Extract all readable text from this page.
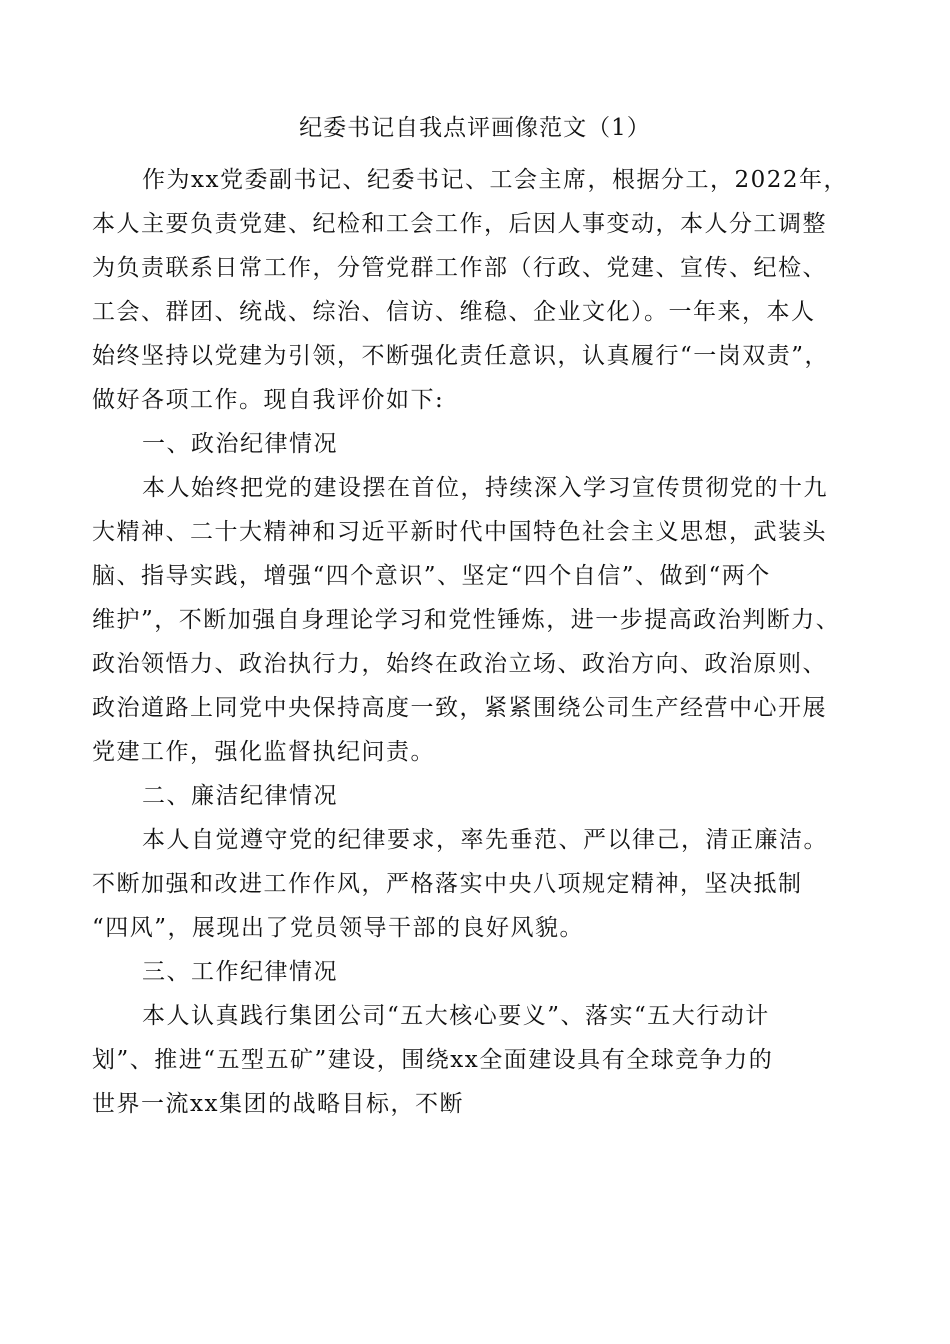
纪委书记自我点评画像范文（1）
作为xx党委副书记、纪委书记、工会主席，根据分工，2022年，
本人主要负责党建、纪检和工会工作，后因人事变动，本人分工调整
为负责联系日常工作，分管党群工作部（行政、党建、宣传、纪检、
工会、群团、统战、综治、信访、维稳、企业文化）。一年来，本人
始终坚持以党建为引领，不断强化责任意识，认真履行“一岗双责”，
做好各项工作。现自我评价如下:
一、政治纪律情况
本人始终把党的建设摆在首位，持续深入学习宣传贯彻党的十九
大精神、二十大精神和习近平新时代中国特色社会主义思想，武装头
脑、指导实践，增强“四个意识”、坚定“四个自信”、做到“两个
维护”，不断加强自身理论学习和党性锤炼，进一步提高政治判断力、
政治领悟力、政治执行力，始终在政治立场、政治方向、政治原则、
政治道路上同党中央保持高度一致，紧紧围绕公司生产经营中心开展
党建工作，强化监督执纪问责。
二、廉洁纪律情况
本人自觉遵守党的纪律要求，率先垂范、严以律己，清正廉洁。
不断加强和改进工作作风，严格落实中央八项规定精神，坚决抵制
“四风”，展现出了党员领导干部的良好风貌。
三、工作纪律情况
本人认真践行集团公司“五大核心要义”、落实“五大行动计
划”、推进“五型五矿”建设，围绕xx全面建设具有全球竞争力的
世界一流xx集团的战略目标，不断
